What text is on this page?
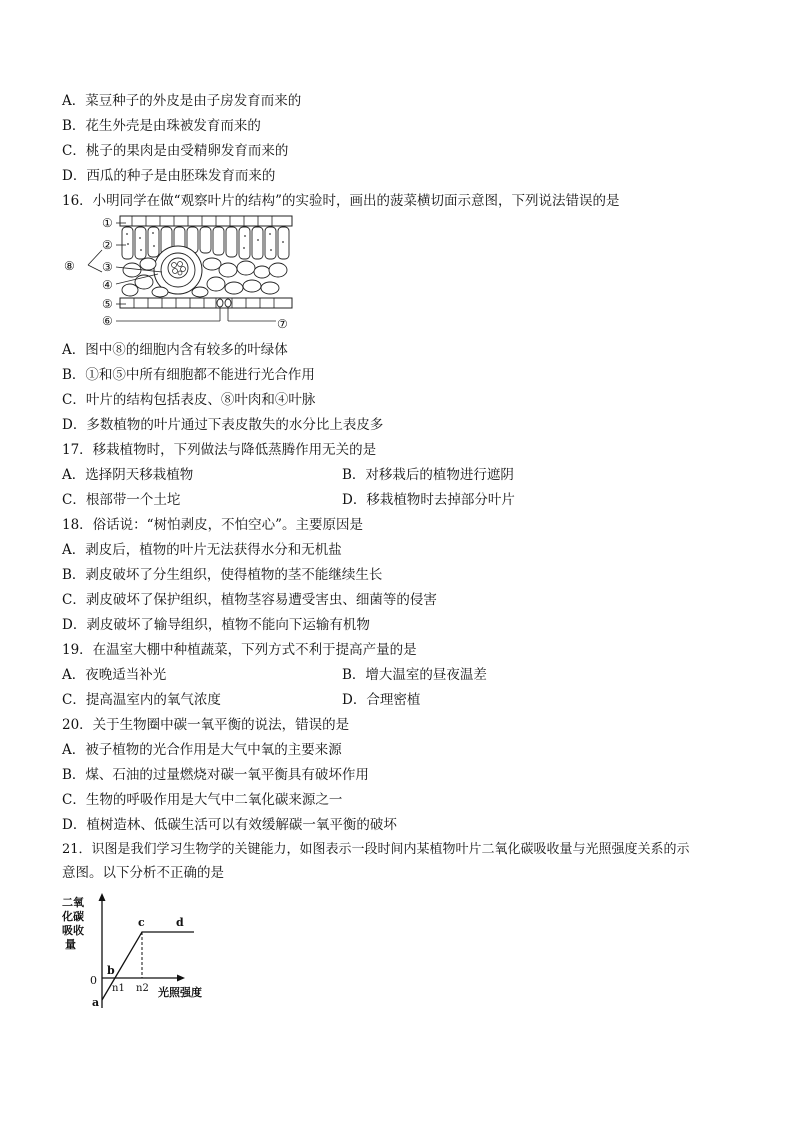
A．菜豆种子的外皮是由子房发育而来的
B．花生外壳是由珠被发育而来的
C．桃子的果肉是由受精卵发育而来的
D．西瓜的种子是由胚珠发育而来的
16．小明同学在做“观察叶片的结构”的实验时，画出的菠菜横切面示意图，下列说法错误的是
①
②
③
④
⑤
⑥	⑦
⑧
A．图中⑧的细胞内含有较多的叶绿体
B．①和⑤中所有细胞都不能进行光合作用
C．叶片的结构包括表皮、⑧叶肉和④叶脉
D．多数植物的叶片通过下表皮散失的水分比上表皮多
17．移栽植物时，下列做法与降低蒸腾作用无关的是
A．选择阴天移栽植物	B．对移栽后的植物进行遮阴
C．根部带一个土坨	D．移栽植物时去掉部分叶片
18．俗话说：“树怕剥皮，不怕空心”。主要原因是
A．剥皮后，植物的叶片无法获得水分和无机盐
B．剥皮破坏了分生组织，使得植物的茎不能继续生长
C．剥皮破坏了保护组织，植物茎容易遭受害虫、细菌等的侵害
D．剥皮破坏了输导组织，植物不能向下运输有机物
19．在温室大棚中种植蔬菜，下列方式不利于提高产量的是
A．夜晚适当补光	B．增大温室的昼夜温差
C．提高温室内的氧气浓度	D．合理密植
20．关于生物圈中碳一氧平衡的说法，错误的是
A．被子植物的光合作用是大气中氧的主要来源
B．煤、石油的过量燃烧对碳一氧平衡具有破坏作用
C．生物的呼吸作用是大气中二氧化碳来源之一
D．植树造林、低碳生活可以有效缓解碳一氧平衡的破坏
21．识图是我们学习生物学的关键能力，如图表示一段时间内某植物叶片二氧化碳吸收量与光照强度关系的示
意图。以下分析不正确的是
二氧
化碳
吸收
量
0
a
b
c	d
n1 n2 光照强度
